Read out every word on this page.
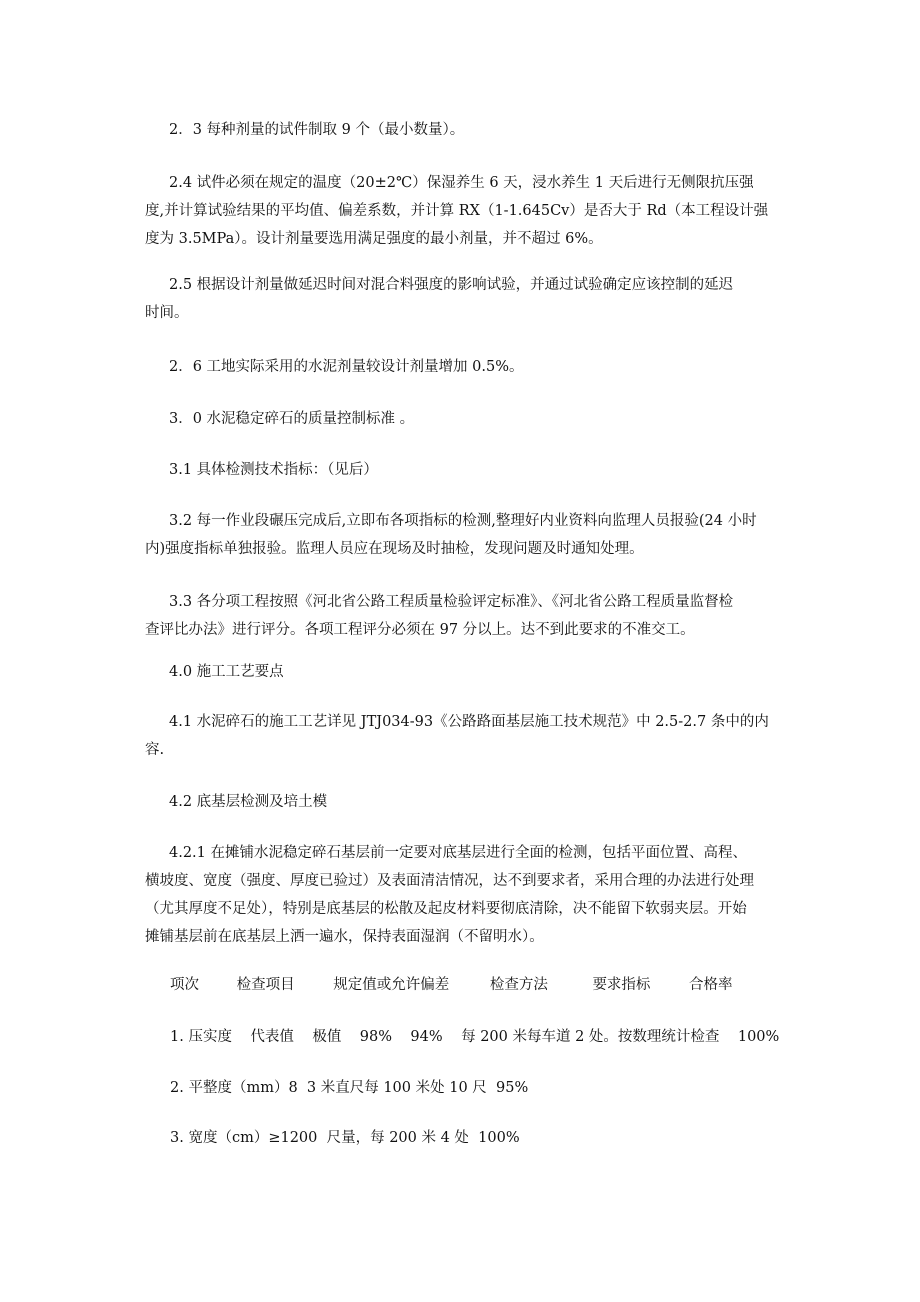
2．3 每种剂量的试件制取 9 个（最小数量）。
2.4 试件必须在规定的温度（20±2℃）保湿养生 6 天，浸水养生 1 天后进行无侧限抗压强
度,并计算试验结果的平均值、偏差系数，并计算 RX（1-1.645Cv）是否大于 Rd（本工程设计强
度为 3.5MPa）。设计剂量要选用满足强度的最小剂量，并不超过 6%。
2.5 根据设计剂量做延迟时间对混合料强度的影响试验，并通过试验确定应该控制的延迟
时间。
2．6 工地实际采用的水泥剂量较设计剂量增加 0.5%。
3．0 水泥稳定碎石的质量控制标准 。
3.1 具体检测技术指标：（见后）
3.2 每一作业段碾压完成后,立即布各项指标的检测,整理好内业资料向监理人员报验(24 小时
内)强度指标单独报验。监理人员应在现场及时抽检，发现问题及时通知处理。
3.3 各分项工程按照《河北省公路工程质量检验评定标准》、《河北省公路工程质量监督检
查评比办法》进行评分。各项工程评分必须在 97 分以上。达不到此要求的不准交工。
4.0 施工工艺要点
4.1 水泥碎石的施工工艺详见 JTJ034-93《公路路面基层施工技术规范》中 2.5-2.7 条中的内
容.
4.2 底基层检测及培土模
4.2.1 在摊铺水泥稳定碎石基层前一定要对底基层进行全面的检测，包括平面位置、高程、
横坡度、宽度（强度、厚度已验过）及表面清洁情况，达不到要求者，采用合理的办法进行处理
（尤其厚度不足处），特别是底基层的松散及起皮材料要彻底清除，决不能留下软弱夹层。开始
摊铺基层前在底基层上洒一遍水，保持表面湿润（不留明水）。
项次	检查项目	规定值或允许偏差	检查方法	要求指标	合格率
1. 压实度    代表值    极值    98%    94%    每 200 米每车道 2 处。按数理统计检查    100%
2. 平整度（mm）8  3 米直尺每 100 米处 10 尺  95%
3. 宽度（cm）≥1200  尺量，每 200 米 4 处  100%
